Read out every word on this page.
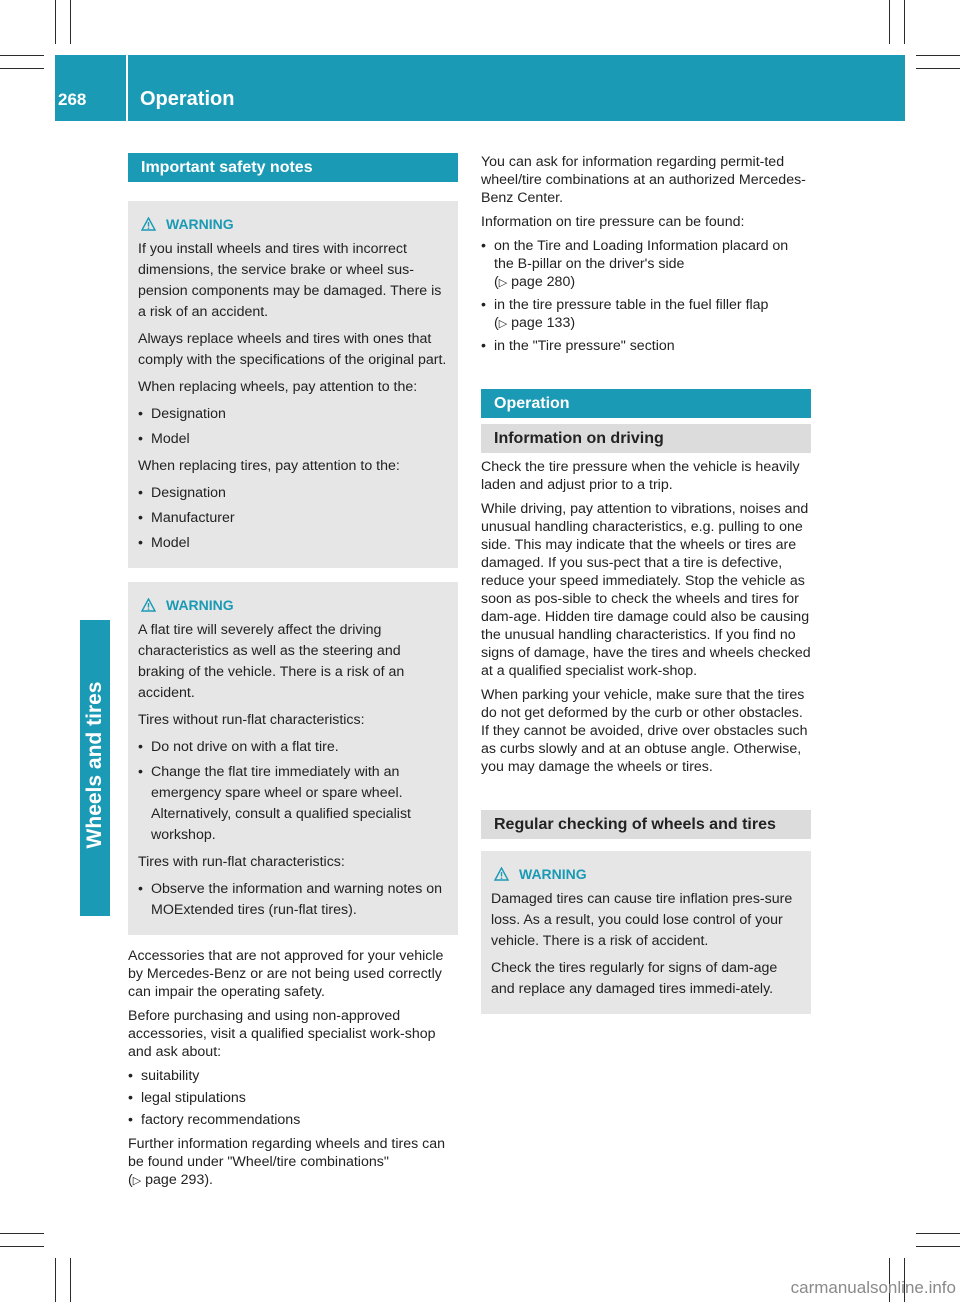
268	Operation
Wheels and tires
Important safety notes
WARNING

If you install wheels and tires with incorrect dimensions, the service brake or wheel sus-pension components may be damaged. There is a risk of an accident.

Always replace wheels and tires with ones that comply with the specifications of the original part.

When replacing wheels, pay attention to the:

• Designation
• Model

When replacing tires, pay attention to the:

• Designation
• Manufacturer
• Model
WARNING

A flat tire will severely affect the driving characteristics as well as the steering and braking of the vehicle. There is a risk of an accident.

Tires without run-flat characteristics:

• Do not drive on with a flat tire.
• Change the flat tire immediately with an emergency spare wheel or spare wheel. Alternatively, consult a qualified specialist workshop.

Tires with run-flat characteristics:

• Observe the information and warning notes on MOExtended tires (run-flat tires).

Accessories that are not approved for your vehicle by Mercedes-Benz or are not being used correctly can impair the operating safety.

Before purchasing and using non-approved accessories, visit a qualified specialist work-shop and ask about:

• suitability
• legal stipulations
• factory recommendations

Further information regarding wheels and tires can be found under "Wheel/tire combinations"
(▷ page 293).

You can ask for information regarding permit-ted wheel/tire combinations at an authorized Mercedes-Benz Center.

Information on tire pressure can be found:

• on the Tire and Loading Information placard on the B-pillar on the driver's side
(▷ page 280)
• in the tire pressure table in the fuel filler flap
(▷ page 133)
• in the "Tire pressure" section
Operation
Information on driving

Check the tire pressure when the vehicle is heavily laden and adjust prior to a trip.

While driving, pay attention to vibrations, noises and unusual handling characteristics, e.g. pulling to one side. This may indicate that the wheels or tires are damaged. If you sus-pect that a tire is defective, reduce your speed immediately. Stop the vehicle as soon as pos-sible to check the wheels and tires for dam-age. Hidden tire damage could also be causing the unusual handling characteristics. If you find no signs of damage, have the tires and wheels checked at a qualified specialist work-shop.

When parking your vehicle, make sure that the tires do not get deformed by the curb or other obstacles. If they cannot be avoided, drive over obstacles such as curbs slowly and at an obtuse angle. Otherwise, you may damage the wheels or tires.

Regular checking of wheels and tires
WARNING

Damaged tires can cause tire inflation pres-sure loss. As a result, you could lose control of your vehicle. There is a risk of accident.

Check the tires regularly for signs of dam-age and replace any damaged tires immedi-ately.

carmanualsonline.info
